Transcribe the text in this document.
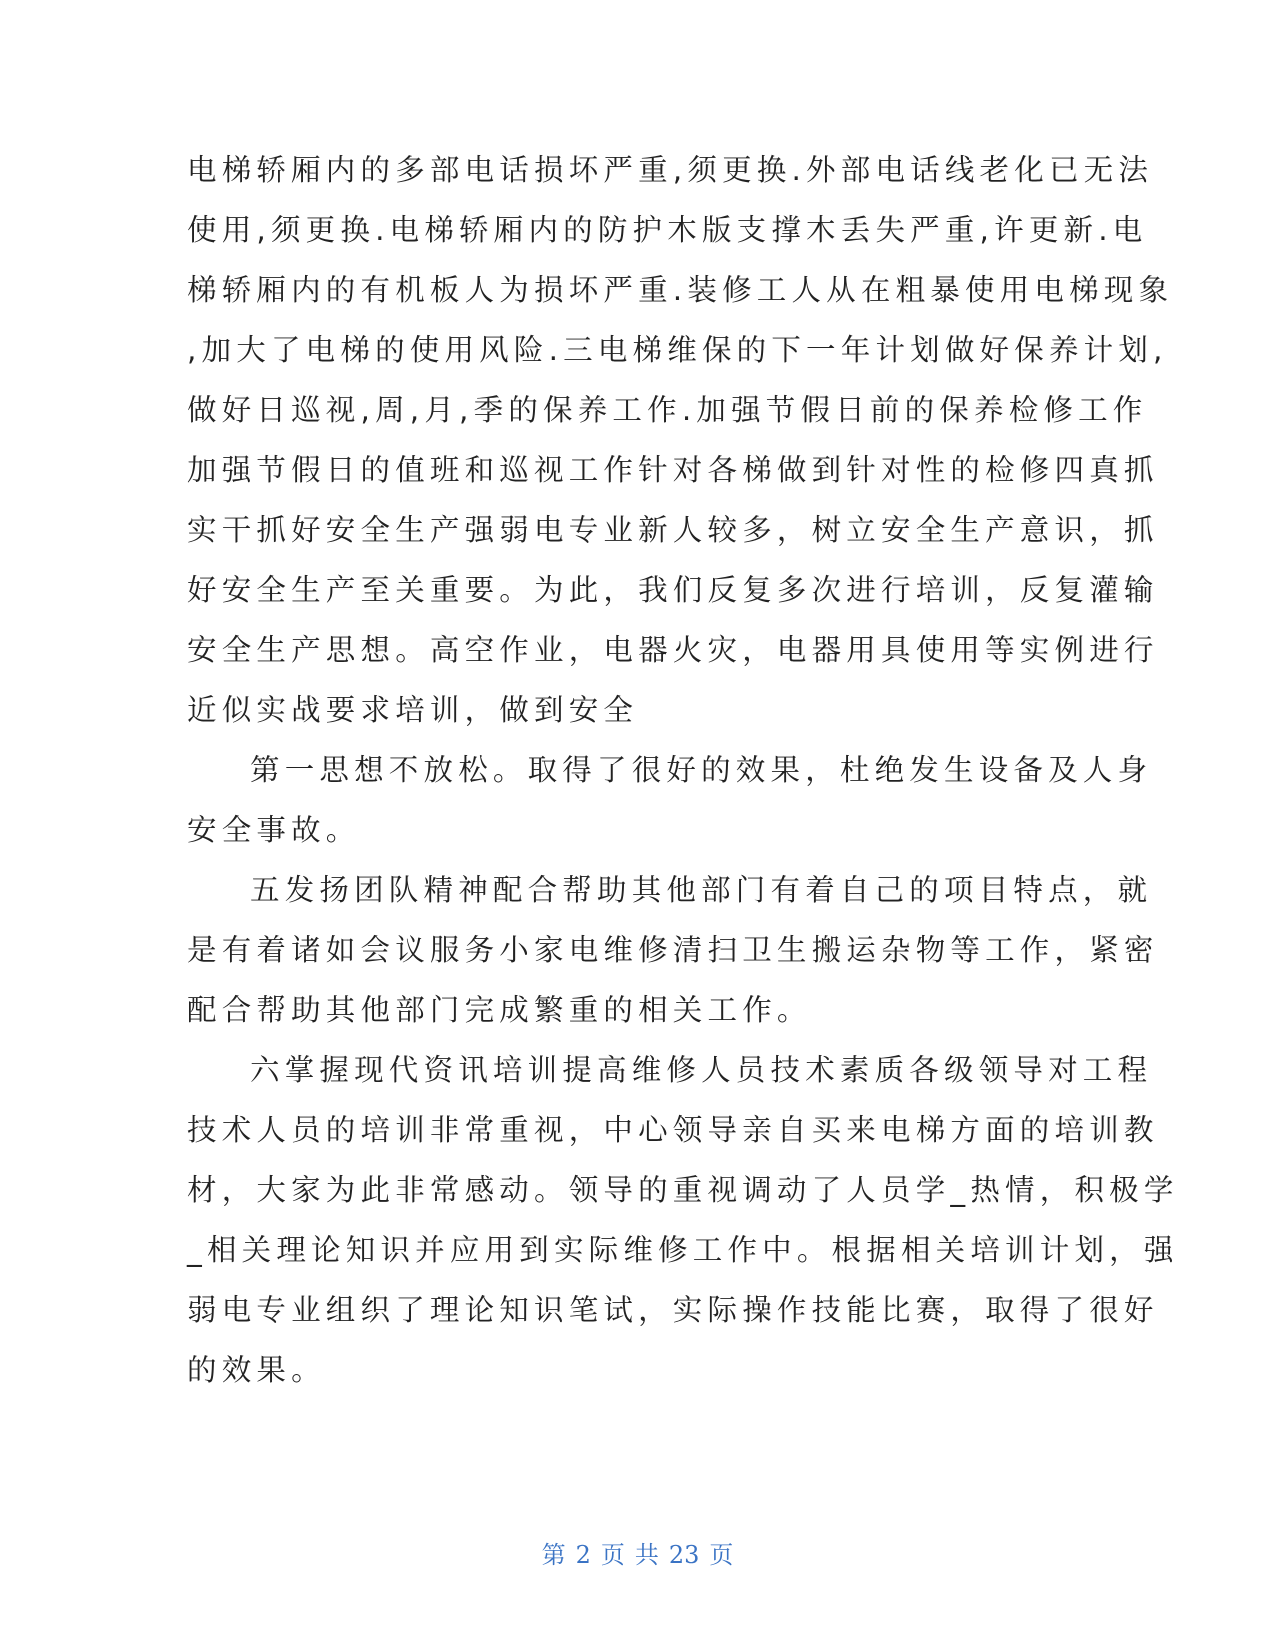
电梯轿厢内的多部电话损坏严重,须更换.外部电话线老化已无法
使用,须更换.电梯轿厢内的防护木版支撑木丢失严重,许更新.电
梯轿厢内的有机板人为损坏严重.装修工人从在粗暴使用电梯现象
,加大了电梯的使用风险.三电梯维保的下一年计划做好保养计划,
做好日巡视,周,月,季的保养工作.加强节假日前的保养检修工作
加强节假日的值班和巡视工作针对各梯做到针对性的检修四真抓
实干抓好安全生产强弱电专业新人较多，树立安全生产意识，抓
好安全生产至关重要。为此，我们反复多次进行培训，反复灌输
安全生产思想。高空作业，电器火灾，电器用具使用等实例进行
近似实战要求培训，做到安全
第一思想不放松。取得了很好的效果，杜绝发生设备及人身
安全事故。
五发扬团队精神配合帮助其他部门有着自己的项目特点，就
是有着诸如会议服务小家电维修清扫卫生搬运杂物等工作，紧密
配合帮助其他部门完成繁重的相关工作。
六掌握现代资讯培训提高维修人员技术素质各级领导对工程
技术人员的培训非常重视，中心领导亲自买来电梯方面的培训教
材，大家为此非常感动。领导的重视调动了人员学_热情，积极学
_相关理论知识并应用到实际维修工作中。根据相关培训计划，强
弱电专业组织了理论知识笔试，实际操作技能比赛，取得了很好
的效果。
第 2 页 共 23 页
